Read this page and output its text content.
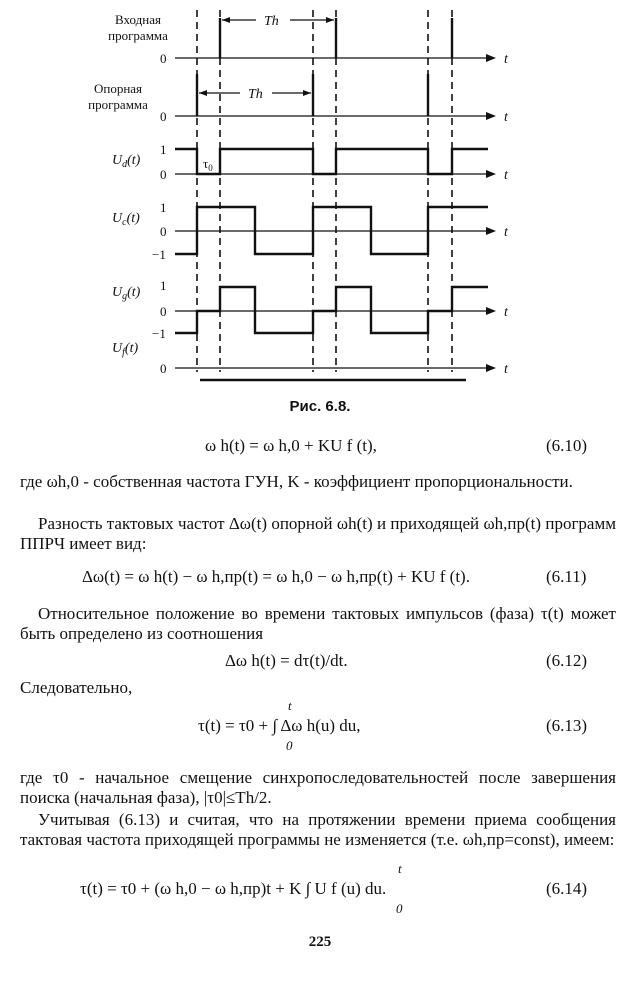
Входная
программа
0	t
Th
Опорная
программа
0	t
Th
$U_d(t)$
1
0	t
$\tau_0$
$U_c(t)$
1
0
−1
t
$U_g(t)$ 1
0
−1
t
$U_f(t)$
0	t
Рис. 6.8.
ω h(t) = ω h,0 + KU f (t),	(6.10)
где ωh,0 - собственная частота ГУН, K - коэффициент пропорциональности.
Разность тактовых частот Δω(t) опорной ωh(t) и приходящей ωh,пр(t) программ ППРЧ имеет вид:
Δω(t) = ω h(t) − ω h,пр(t) = ω h,0 − ω h,пр(t) + KU f (t).	(6.11)
Относительное положение во времени тактовых импульсов (фаза) τ(t) может быть определено из соотношения
Δω h(t) = dτ(t)/dt.	(6.12)
Следовательно,
t
τ(t) = τ0 + ∫ Δω h(u) du,
0
(6.13)
где τ0 - начальное смещение синхропоследовательностей после завершения поиска (начальная фаза), |τ0|≤Th/2.
Учитывая (6.13) и считая, что на протяжении времени приема сообщения тактовая частота приходящей программы не изменяется (т.е. ωh,пр=const), имеем:
t
τ(t) = τ0 + (ω h,0 − ω h,пр)t + K ∫ U f (u) du.
0
(6.14)
225
